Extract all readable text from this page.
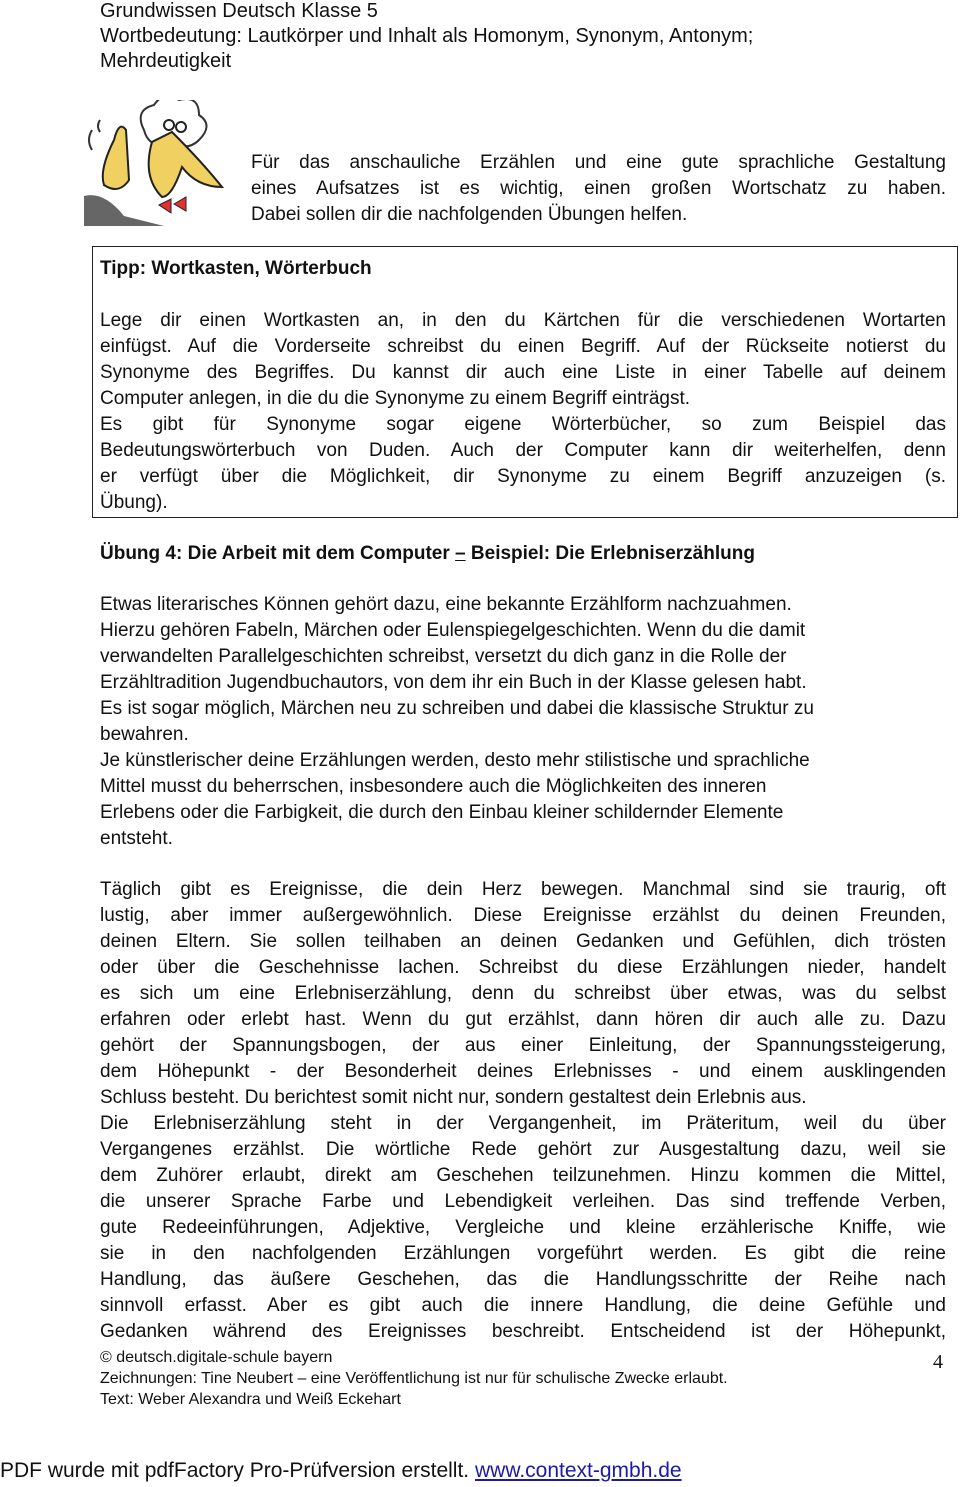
Grundwissen Deutsch Klasse 5
Wortbedeutung: Lautkörper und Inhalt als Homonym, Synonym, Antonym;
Mehrdeutigkeit
Für das anschauliche Erzählen und eine gute sprachliche Gestaltung
eines Aufsatzes ist es wichtig, einen großen Wortschatz zu haben.
Dabei sollen dir die nachfolgenden Übungen helfen.
Tipp: Wortkasten, Wörterbuch
Übung 4: Die Arbeit mit dem Computer – Beispiel: Die Erlebniserzählung
© deutsch.digitale-schule bayern
Zeichnungen: Tine Neubert – eine Veröffentlichung ist nur für schulische Zwecke erlaubt.
Text: Weber Alexandra und Weiß Eckehart
4
PDF wurde mit pdfFactory Pro-Prüfversion erstellt. www.context-gmbh.de
Lege dir einen Wortkasten an, in den du Kärtchen für die verschiedenen Wortarten
einfügst. Auf die Vorderseite schreibst du einen Begriff. Auf der Rückseite notierst du
Synonyme des Begriffes. Du kannst dir auch eine Liste in einer Tabelle auf deinem
Computer anlegen, in die du die Synonyme zu einem Begriff einträgst.
Es gibt für Synonyme sogar eigene Wörterbücher, so zum Beispiel das
Bedeutungswörterbuch von Duden. Auch der Computer kann dir weiterhelfen, denn
er verfügt über die Möglichkeit, dir Synonyme zu einem Begriff anzuzeigen (s.
Übung).
Etwas literarisches Können gehört dazu, eine bekannte Erzählform nachzuahmen.
Hierzu gehören Fabeln, Märchen oder Eulenspiegelgeschichten. Wenn du die damit
verwandelten Parallelgeschichten schreibst, versetzt du dich ganz in die Rolle der
Erzähltradition Jugendbuchautors, von dem ihr ein Buch in der Klasse gelesen habt.
Es ist sogar möglich, Märchen neu zu schreiben und dabei die klassische Struktur zu
bewahren.
Je künstlerischer deine Erzählungen werden, desto mehr stilistische und sprachliche
Mittel musst du beherrschen, insbesondere auch die Möglichkeiten des inneren
Erlebens oder die Farbigkeit, die durch den Einbau kleiner schildernder Elemente
entsteht.
Täglich gibt es Ereignisse, die dein Herz bewegen. Manchmal sind sie traurig, oft
lustig, aber immer außergewöhnlich. Diese Ereignisse erzählst du deinen Freunden,
deinen Eltern. Sie sollen teilhaben an deinen Gedanken und Gefühlen, dich trösten
oder über die Geschehnisse lachen. Schreibst du diese Erzählungen nieder, handelt
es sich um eine Erlebniserzählung, denn du schreibst über etwas, was du selbst
erfahren oder erlebt hast. Wenn du gut erzählst, dann hören dir auch alle zu. Dazu
gehört der Spannungsbogen, der aus einer Einleitung, der Spannungssteigerung,
dem Höhepunkt - der Besonderheit deines Erlebnisses - und einem ausklingenden
Schluss besteht. Du berichtest somit nicht nur, sondern gestaltest dein Erlebnis aus.
Die Erlebniserzählung steht in der Vergangenheit, im Präteritum, weil du über
Vergangenes erzählst. Die wörtliche Rede gehört zur Ausgestaltung dazu, weil sie
dem Zuhörer erlaubt, direkt am Geschehen teilzunehmen. Hinzu kommen die Mittel,
die unserer Sprache Farbe und Lebendigkeit verleihen. Das sind treffende Verben,
gute Redeeinführungen, Adjektive, Vergleiche und kleine erzählerische Kniffe, wie
sie in den nachfolgenden Erzählungen vorgeführt werden. Es gibt die reine
Handlung, das äußere Geschehen, das die Handlungsschritte der Reihe nach
sinnvoll erfasst. Aber es gibt auch die innere Handlung, die deine Gefühle und
Gedanken während des Ereignisses beschreibt. Entscheidend ist der Höhepunkt,
